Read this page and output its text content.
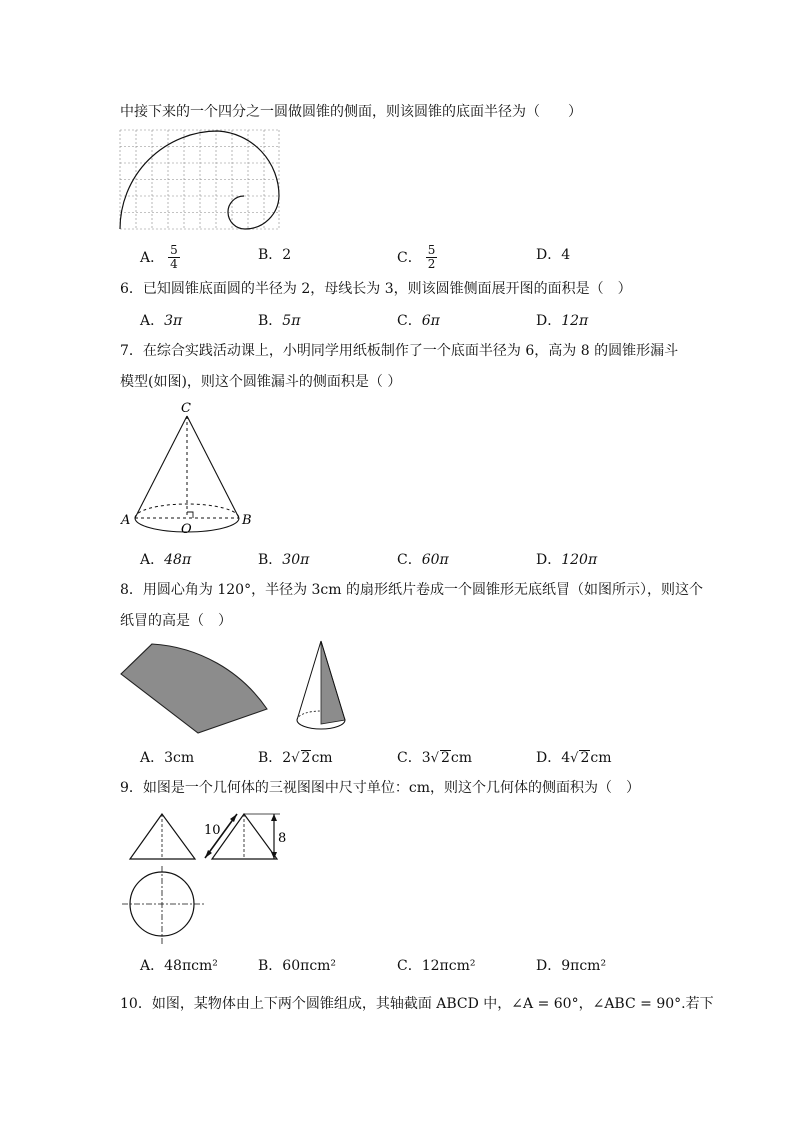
中接下来的一个四分之一圆做圆锥的侧面，则该圆锥的底面半径为（　　）
A． $\frac{5}{4}$	B．2	C． $\frac{5}{2}$	D．4
6．已知圆锥底面圆的半径为 2，母线长为 3，则该圆锥侧面展开图的面积是（　）
A．3π	B．5π	C．6π	D．12π
7．在综合实践活动课上，小明同学用纸板制作了一个底面半径为 6，高为 8 的圆锥形漏斗
模型(如图)，则这个圆锥漏斗的侧面积是（ ）
C
A	B
O
A．48π	B．30π	C．60π	D．120π
8．用圆心角为 120°，半径为 3cm 的扇形纸片卷成一个圆锥形无底纸冒（如图所示），则这个
纸冒的高是（　）
A．3cm	B．2√ 2cm	C．3√ 2cm	D．4√ 2cm
9．如图是一个几何体的三视图图中尺寸单位：cm，则这个几何体的侧面积为（　）
10
8
A．48πcm²	B．60πcm²	C．12πcm²	D．9πcm²
10．如图，某物体由上下两个圆锥组成，其轴截面 ABCD 中，∠A = 60°，∠ABC = 90°.若下
